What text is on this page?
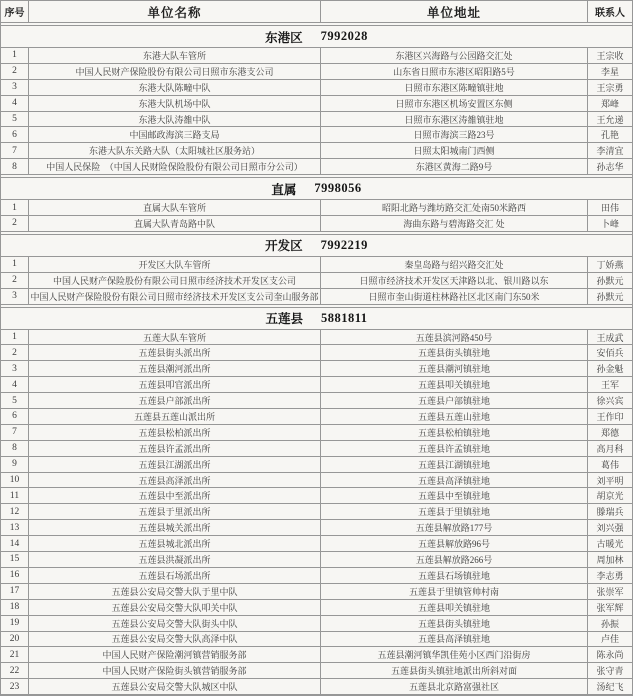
序号	单位名称	单位地址	联系人
东港区 7992028
1	东港大队车管所	东港区兴海路与公园路交汇处	王宗收
2	中国人民财产保险股份有限公司日照市东港支公司	山东省日照市东港区昭阳路5号	李星
3	东港大队陈疃中队	日照市东港区陈疃镇驻地	王宗勇
4	东港大队机场中队	日照市东港区机场安置区东侧	郑峰
5	东港大队涛雒中队	日照市东港区涛雒镇驻地	王允递
6	中国邮政海滨三路支局	日照市海滨三路23号	孔艳
7	东港大队东关路大队（太阳城社区服务站）	日照太阳城南门西侧	李清宜
8	中国人民保险　（中国人民财险保险股份有限公司日照市分公司）	东港区黄海二路9号	孙志华
直属 7998056
1	直属大队车管所	昭阳北路与潍坊路交汇处南50米路西	田伟
2	直属大队青岛路中队	海曲东路与碧海路交汇 处	卜峰
开发区 7992219
1	开发区大队车管所	秦皇岛路与绍兴路交汇处	丁娇燕
2	中国人民财产保险股份有限公司日照市经济技术开发区支公司	日照市经济技术开发区天津路以北、银川路以东	孙默元
3	中国人民财产保险股份有限公司日照市经济技术开发区支公司奎山服务部	日照市奎山街道柱林路社区北区南门东50米	孙默元
五莲县 5881811
1	五莲大队车管所	五莲县滨河路450号	王成武
2	五莲县街头派出所	五莲县街头镇驻地	安佰兵
3	五莲县潮河派出所	五莲县潮河镇驻地	孙金魁
4	五莲县叩官派出所	五莲县叩关镇驻地	王军
5	五莲县户部派出所	五莲县户部镇驻地	徐兴宾
6	五莲县五莲山派出所	五莲县五莲山驻地	王作印
7	五莲县松柏派出所	五莲县松柏镇驻地	郑德
8	五莲县许孟派出所	五莲县许孟镇驻地	高月科
9	五莲县江湖派出所	五莲县江湖镇驻地	葛伟
10	五莲县高泽派出所	五莲县高泽镇驻地	刘平明
11	五莲县中至派出所	五莲县中至镇驻地	胡京光
12	五莲县于里派出所	五莲县于里镇驻地	滕瑞兵
13	五莲县城关派出所	五莲县解放路177号	刘兴强
14	五莲县城北派出所	五莲县解放路96号	古暖光
15	五莲县洪凝派出所	五莲县解放路266号	周加林
16	五莲县石场派出所	五莲县石场镇驻地	李志勇
17	五莲县公安局交警大队于里中队	五莲县于里镇管帅村南	张崇军
18	五莲县公安局交警大队叩关中队	五莲县叩关镇驻地	张军辉
19	五莲县公安局交警大队街头中队	五莲县街头镇驻地	孙振
20	五莲县公安局交警大队高泽中队	五莲县高泽镇驻地	卢佳
21	中国人民财产保险潮河镇营销服务部	五莲县潮河镇华凯佳苑小区西门沿街房	陈永尚
22	中国人民财产保险街头镇营销服务部	五莲县街头镇驻地派出所斜对面	张守青
23	五莲县公安局交警大队城区中队	五莲县北京路富强社区	汤纪飞
